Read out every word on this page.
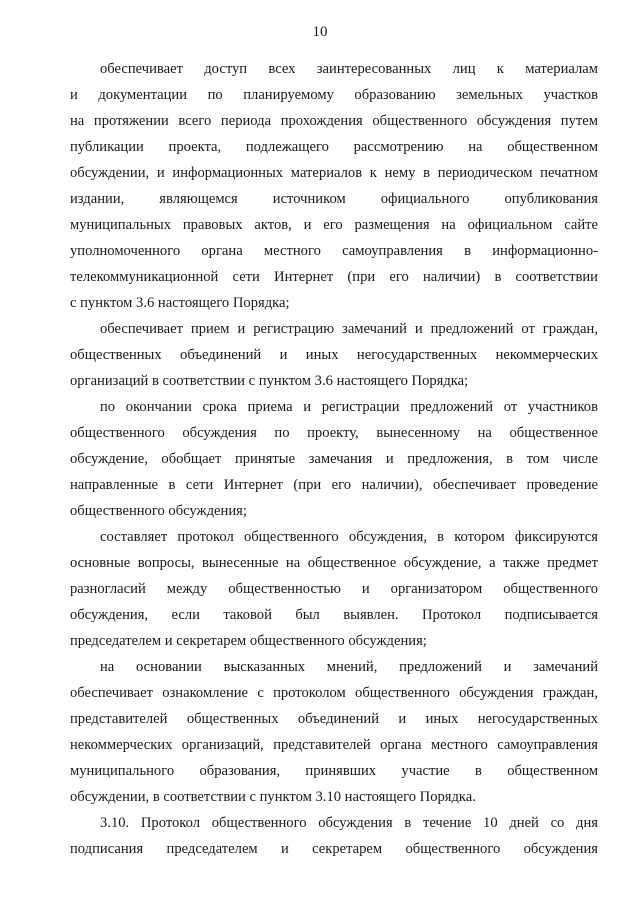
10
обеспечивает доступ всех заинтересованных лиц к материалам
и документации по планируемому образованию земельных участков
на протяжении всего периода прохождения общественного обсуждения путем
публикации проекта, подлежащего рассмотрению на общественном
обсуждении, и информационных материалов к нему в периодическом печатном
издании, являющемся источником официального опубликования
муниципальных правовых актов, и его размещения на официальном сайте
уполномоченного органа местного самоуправления в информационно-
телекоммуникационной сети Интернет (при его наличии) в соответствии
с пунктом 3.6 настоящего Порядка;
обеспечивает прием и регистрацию замечаний и предложений от граждан,
общественных объединений и иных негосударственных некоммерческих
организаций в соответствии с пунктом 3.6 настоящего Порядка;
по окончании срока приема и регистрации предложений от участников
общественного обсуждения по проекту, вынесенному на общественное
обсуждение, обобщает принятые замечания и предложения, в том числе
направленные в сети Интернет (при его наличии), обеспечивает проведение
общественного обсуждения;
составляет протокол общественного обсуждения, в котором фиксируются
основные вопросы, вынесенные на общественное обсуждение, а также предмет
разногласий между общественностью и организатором общественного
обсуждения, если таковой был выявлен. Протокол подписывается
председателем и секретарем общественного обсуждения;
на основании высказанных мнений, предложений и замечаний
обеспечивает ознакомление с протоколом общественного обсуждения граждан,
представителей общественных объединений и иных негосударственных
некоммерческих организаций, представителей органа местного самоуправления
муниципального образования, принявших участие в общественном
обсуждении, в соответствии с пунктом 3.10 настоящего Порядка.
3.10. Протокол общественного обсуждения в течение 10 дней со дня
подписания председателем и секретарем общественного обсуждения
